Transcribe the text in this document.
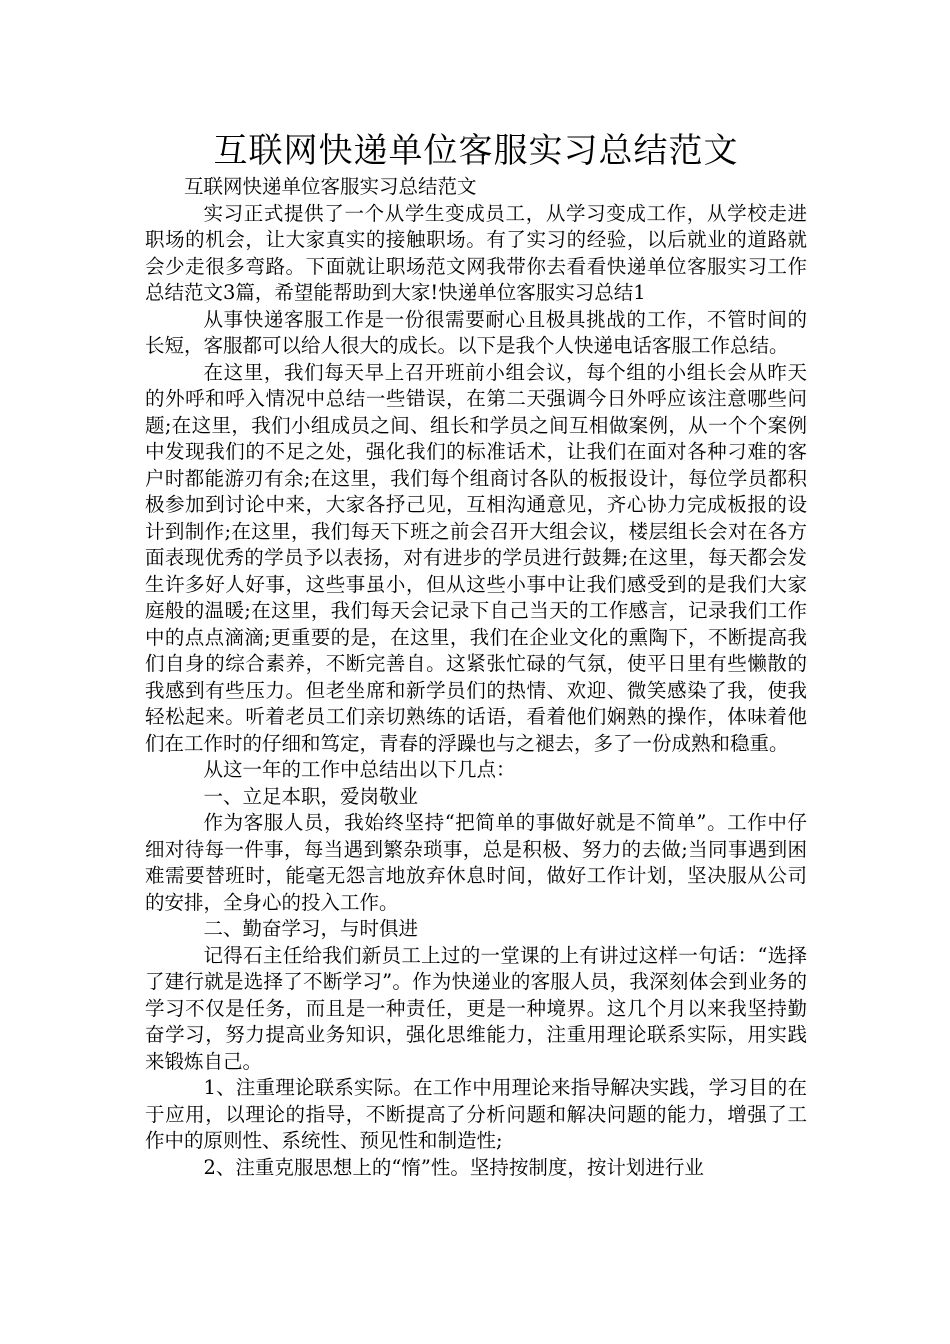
互联网快递单位客服实习总结范文

互联网快递单位客服实习总结范文

实习正式提供了一个从学生变成员工，从学习变成工作，从学校走进职场的机会，让大家真实的接触职场。有了实习的经验，以后就业的道路就会少走很多弯路。下面就让职场范文网我带你去看看快递单位客服实习工作总结范文3篇，希望能帮助到大家!快递单位客服实习总结1

从事快递客服工作是一份很需要耐心且极具挑战的工作，不管时间的长短，客服都可以给人很大的成长。以下是我个人快递电话客服工作总结。

在这里，我们每天早上召开班前小组会议，每个组的小组长会从昨天的外呼和呼入情况中总结一些错误，在第二天强调今日外呼应该注意哪些问题;在这里，我们小组成员之间、组长和学员之间互相做案例，从一个个案例中发现我们的不足之处，强化我们的标准话术，让我们在面对各种刁难的客户时都能游刃有余;在这里，我们每个组商讨各队的板报设计，每位学员都积极参加到讨论中来，大家各抒己见，互相沟通意见，齐心协力完成板报的设计到制作;在这里，我们每天下班之前会召开大组会议，楼层组长会对在各方面表现优秀的学员予以表扬，对有进步的学员进行鼓舞;在这里，每天都会发生许多好人好事，这些事虽小，但从这些小事中让我们感受到的是我们大家庭般的温暖;在这里，我们每天会记录下自己当天的工作感言，记录我们工作中的点点滴滴;更重要的是，在这里，我们在企业文化的熏陶下，不断提高我们自身的综合素养，不断完善自。这紧张忙碌的气氛，使平日里有些懒散的我感到有些压力。但老坐席和新学员们的热情、欢迎、微笑感染了我，使我轻松起来。听着老员工们亲切熟练的话语，看着他们娴熟的操作，体味着他们在工作时的仔细和笃定，青春的浮躁也与之褪去，多了一份成熟和稳重。

从这一年的工作中总结出以下几点：

一、立足本职，爱岗敬业

作为客服人员，我始终坚持“把简单的事做好就是不简单”。工作中仔细对待每一件事，每当遇到繁杂琐事，总是积极、努力的去做;当同事遇到困难需要替班时，能毫无怨言地放弃休息时间，做好工作计划，坚决服从公司的安排，全身心的投入工作。

二、勤奋学习，与时俱进

记得石主任给我们新员工上过的一堂课的上有讲过这样一句话：“选择了建行就是选择了不断学习”。作为快递业的客服人员，我深刻体会到业务的学习不仅是任务，而且是一种责任，更是一种境界。这几个月以来我坚持勤奋学习，努力提高业务知识，强化思维能力，注重用理论联系实际，用实践来锻炼自己。

1、注重理论联系实际。在工作中用理论来指导解决实践，学习目的在于应用，以理论的指导，不断提高了分析问题和解决问题的能力，增强了工作中的原则性、系统性、预见性和制造性;

2、注重克服思想上的“惰”性。坚持按制度，按计划进行业
